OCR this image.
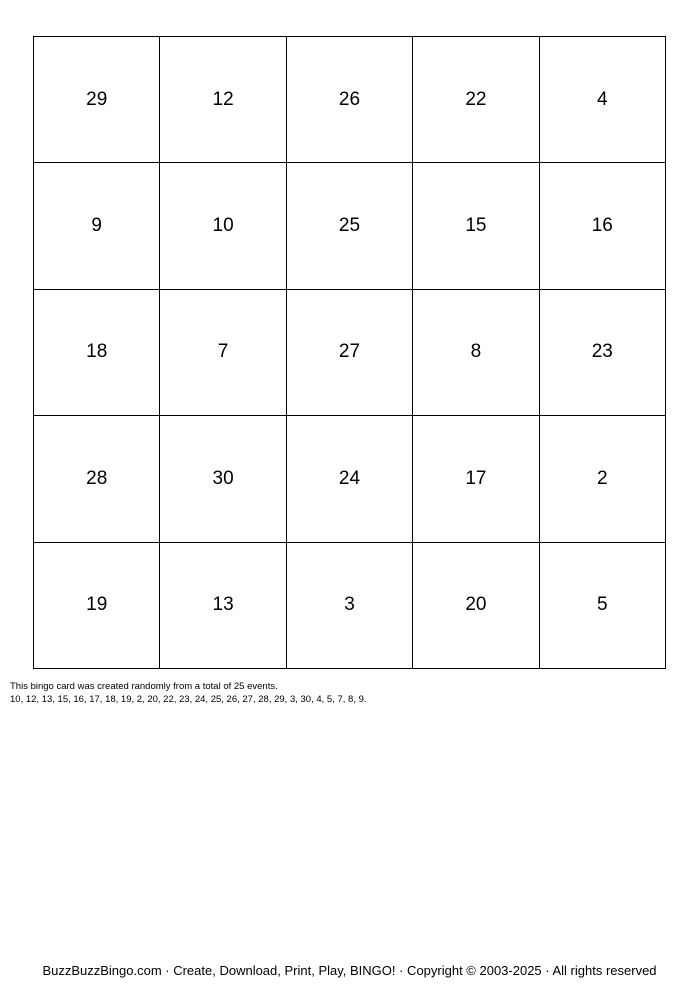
29	12	26	22	4
9	10	25	15	16
18	7	27	8	23
28	30	24	17	2
19	13	3	20	5
This bingo card was created randomly from a total of 25 events.
10, 12, 13, 15, 16, 17, 18, 19, 2, 20, 22, 23, 24, 25, 26, 27, 28, 29, 3, 30, 4, 5, 7, 8, 9.
BuzzBuzzBingo.com · Create, Download, Print, Play, BINGO! · Copyright © 2003-2025 · All rights reserved
